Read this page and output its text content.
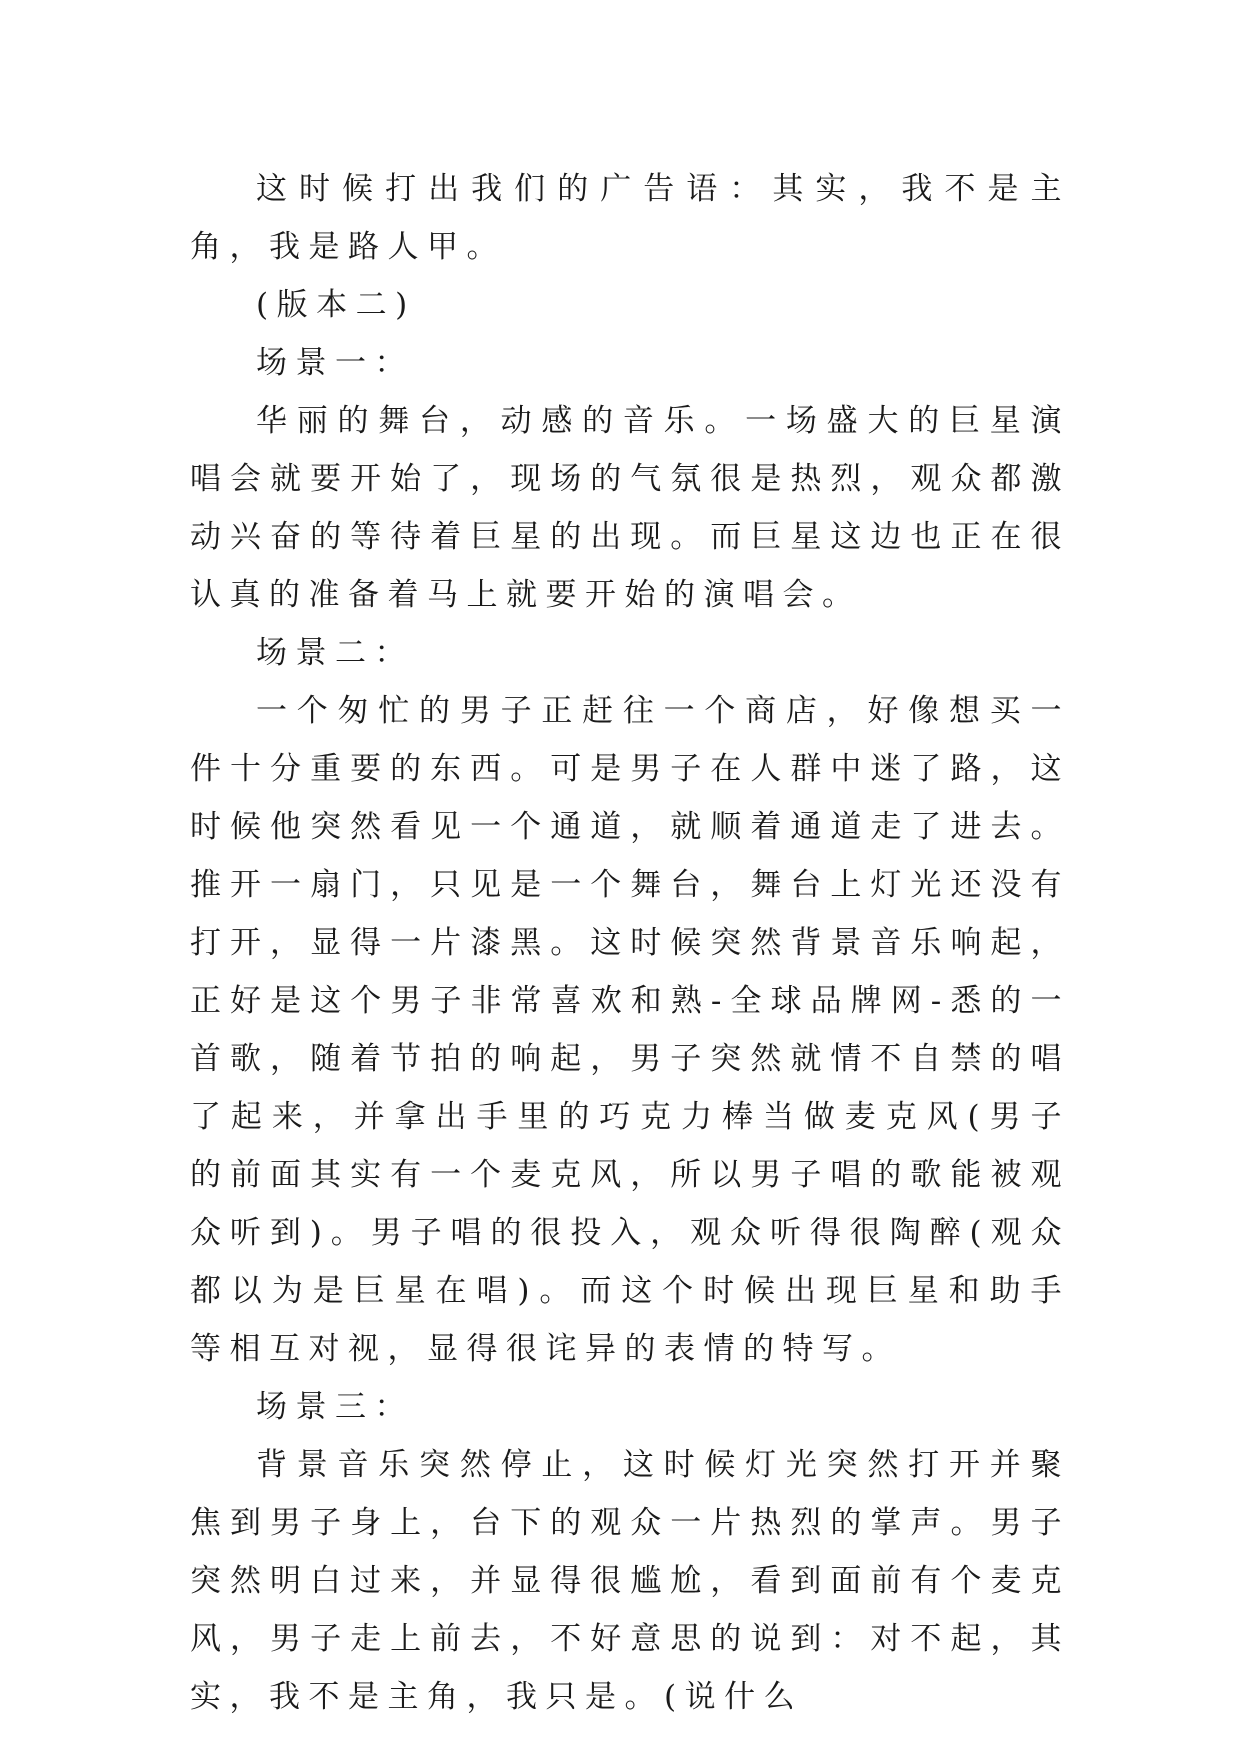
这时候打出我们的广告语：其实，我不是主角，我是路人甲。

(版本二)

场景一：

华丽的舞台，动感的音乐。一场盛大的巨星演唱会就要开始了，现场的气氛很是热烈，观众都激动兴奋的等待着巨星的出现。而巨星这边也正在很认真的准备着马上就要开始的演唱会。

场景二：

一个匆忙的男子正赶往一个商店，好像想买一件十分重要的东西。可是男子在人群中迷了路，这时候他突然看见一个通道，就顺着通道走了进去。推开一扇门，只见是一个舞台，舞台上灯光还没有打开，显得一片漆黑。这时候突然背景音乐响起，正好是这个男子非常喜欢和熟-全球品牌网-悉的一首歌，随着节拍的响起，男子突然就情不自禁的唱了起来，并拿出手里的巧克力棒当做麦克风(男子的前面其实有一个麦克风，所以男子唱的歌能被观众听到)。男子唱的很投入，观众听得很陶醉(观众都以为是巨星在唱)。而这个时候出现巨星和助手等相互对视，显得很诧异的表情的特写。

场景三：

背景音乐突然停止，这时候灯光突然打开并聚焦到男子身上，台下的观众一片热烈的掌声。男子突然明白过来，并显得很尴尬，看到面前有个麦克风，男子走上前去，不好意思的说到：对不起，其实，我不是主角，我只是。(说什么
